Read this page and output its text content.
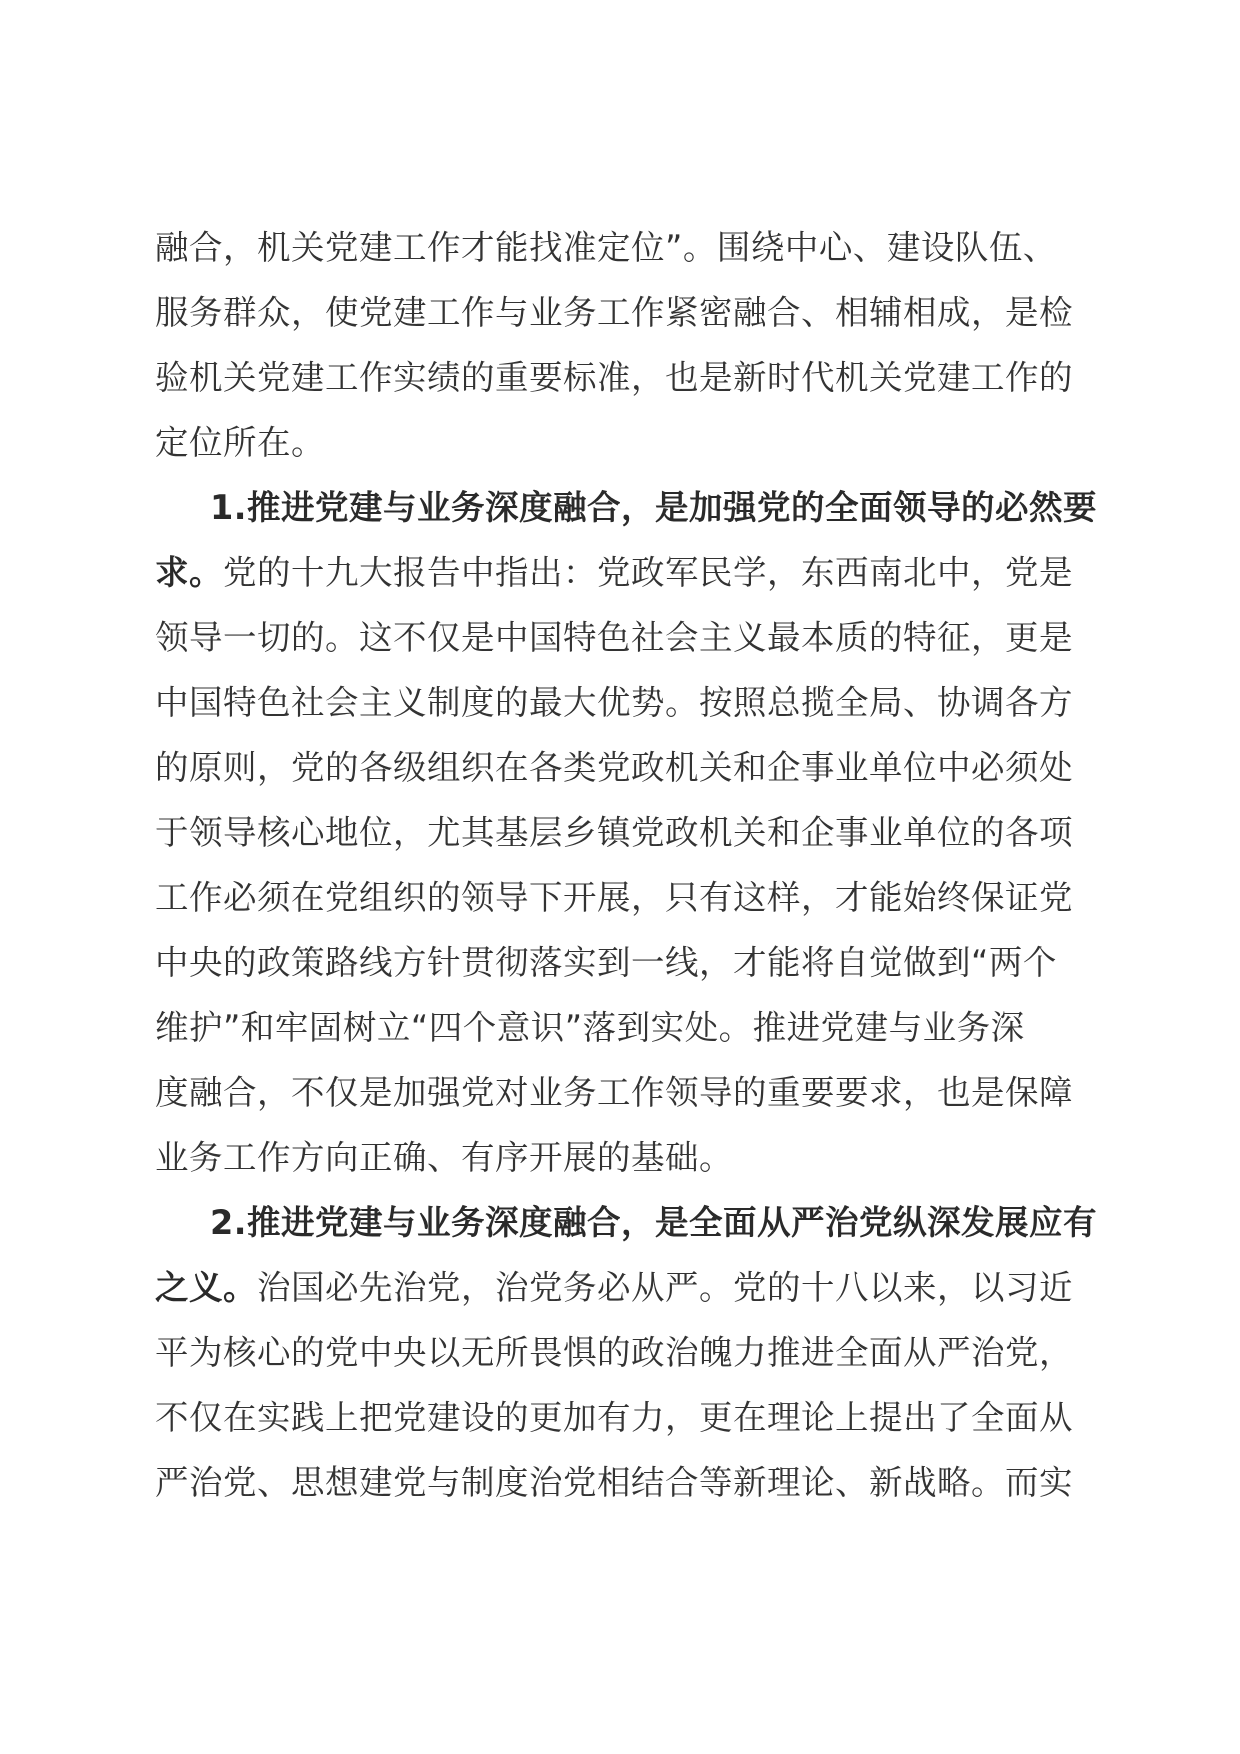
融合，机关党建工作才能找准定位”。围绕中心、建设队伍、
服务群众，使党建工作与业务工作紧密融合、相辅相成，是检
验机关党建工作实绩的重要标准，也是新时代机关党建工作的
定位所在。
1.推进党建与业务深度融合，是加强党的全面领导的必然要
求。党的十九大报告中指出：党政军民学，东西南北中，党是
领导一切的。这不仅是中国特色社会主义最本质的特征，更是
中国特色社会主义制度的最大优势。按照总揽全局、协调各方
的原则，党的各级组织在各类党政机关和企事业单位中必须处
于领导核心地位，尤其基层乡镇党政机关和企事业单位的各项
工作必须在党组织的领导下开展，只有这样，才能始终保证党
中央的政策路线方针贯彻落实到一线，才能将自觉做到“两个
维护”和牢固树立“四个意识”落到实处。推进党建与业务深
度融合，不仅是加强党对业务工作领导的重要要求，也是保障
业务工作方向正确、有序开展的基础。
2.推进党建与业务深度融合，是全面从严治党纵深发展应有
之义。治国必先治党，治党务必从严。党的十八以来，以习近
平为核心的党中央以无所畏惧的政治魄力推进全面从严治党，
不仅在实践上把党建设的更加有力，更在理论上提出了全面从
严治党、思想建党与制度治党相结合等新理论、新战略。而实
